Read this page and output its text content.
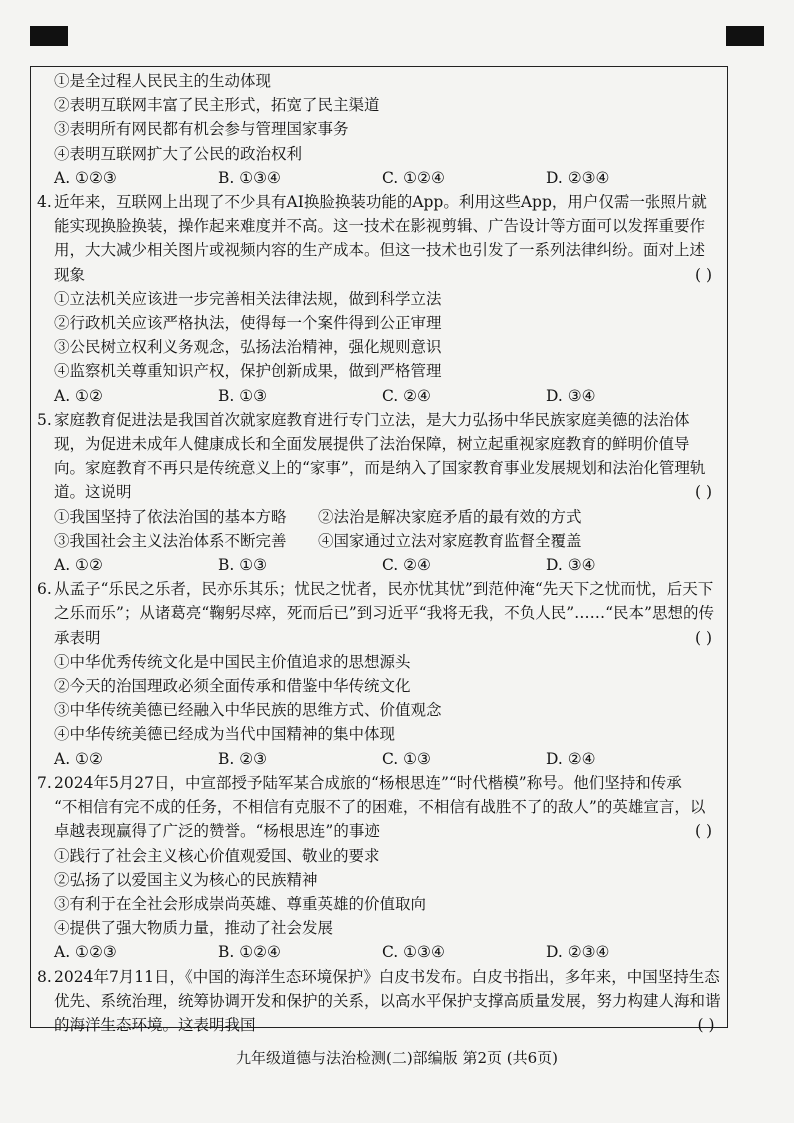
①是全过程人民民主的生动体现
②表明互联网丰富了民主形式，拓宽了民主渠道
③表明所有网民都有机会参与管理国家事务
④表明互联网扩大了公民的政治权利
A. ①②③	B. ①③④	C. ①②④	D. ②③④
4. 近年来，互联网上出现了不少具有AI换脸换装功能的App。利用这些App，用户仅需一张照片就
能实现换脸换装，操作起来难度并不高。这一技术在影视剪辑、广告设计等方面可以发挥重要作
用，大大减少相关图片或视频内容的生产成本。但这一技术也引发了一系列法律纠纷。面对上述
现象	( )
①立法机关应该进一步完善相关法律法规，做到科学立法
②行政机关应该严格执法，使得每一个案件得到公正审理
③公民树立权利义务观念，弘扬法治精神，强化规则意识
④监察机关尊重知识产权，保护创新成果，做到严格管理
A. ①②	B. ①③	C. ②④	D. ③④
5. 家庭教育促进法是我国首次就家庭教育进行专门立法，是大力弘扬中华民族家庭美德的法治体
现，为促进未成年人健康成长和全面发展提供了法治保障，树立起重视家庭教育的鲜明价值导
向。家庭教育不再只是传统意义上的“家事”，而是纳入了国家教育事业发展规划和法治化管理轨
道。这说明	( )
①我国坚持了依法治国的基本方略	②法治是解决家庭矛盾的最有效的方式
③我国社会主义法治体系不断完善	④国家通过立法对家庭教育监督全覆盖
A. ①②	B. ①③	C. ②④	D. ③④
6. 从孟子“乐民之乐者，民亦乐其乐；忧民之忧者，民亦忧其忧”到范仲淹“先天下之忧而忧，后天下
之乐而乐”；从诸葛亮“鞠躬尽瘁，死而后已”到习近平“我将无我，不负人民”……“民本”思想的传
承表明	( )
①中华优秀传统文化是中国民主价值追求的思想源头
②今天的治国理政必须全面传承和借鉴中华传统文化
③中华传统美德已经融入中华民族的思维方式、价值观念
④中华传统美德已经成为当代中国精神的集中体现
A. ①②	B. ②③	C. ①③	D. ②④
7. 2024年5月27日，中宣部授予陆军某合成旅的“杨根思连”“时代楷模”称号。他们坚持和传承
“不相信有完不成的任务，不相信有克服不了的困难，不相信有战胜不了的敌人”的英雄宣言，以
卓越表现赢得了广泛的赞誉。“杨根思连”的事迹	( )
①践行了社会主义核心价值观爱国、敬业的要求
②弘扬了以爱国主义为核心的民族精神
③有利于在全社会形成崇尚英雄、尊重英雄的价值取向
④提供了强大物质力量，推动了社会发展
A. ①②③	B. ①②④	C. ①③④	D. ②③④
8. 2024年7月11日，《中国的海洋生态环境保护》白皮书发布。白皮书指出，多年来，中国坚持生态
优先、系统治理，统筹协调开发和保护的关系，以高水平保护支撑高质量发展，努力构建人海和谐
的海洋生态环境。这表明我国	( )
九年级道德与法治检测(二)部编版 第2页 (共6页)
